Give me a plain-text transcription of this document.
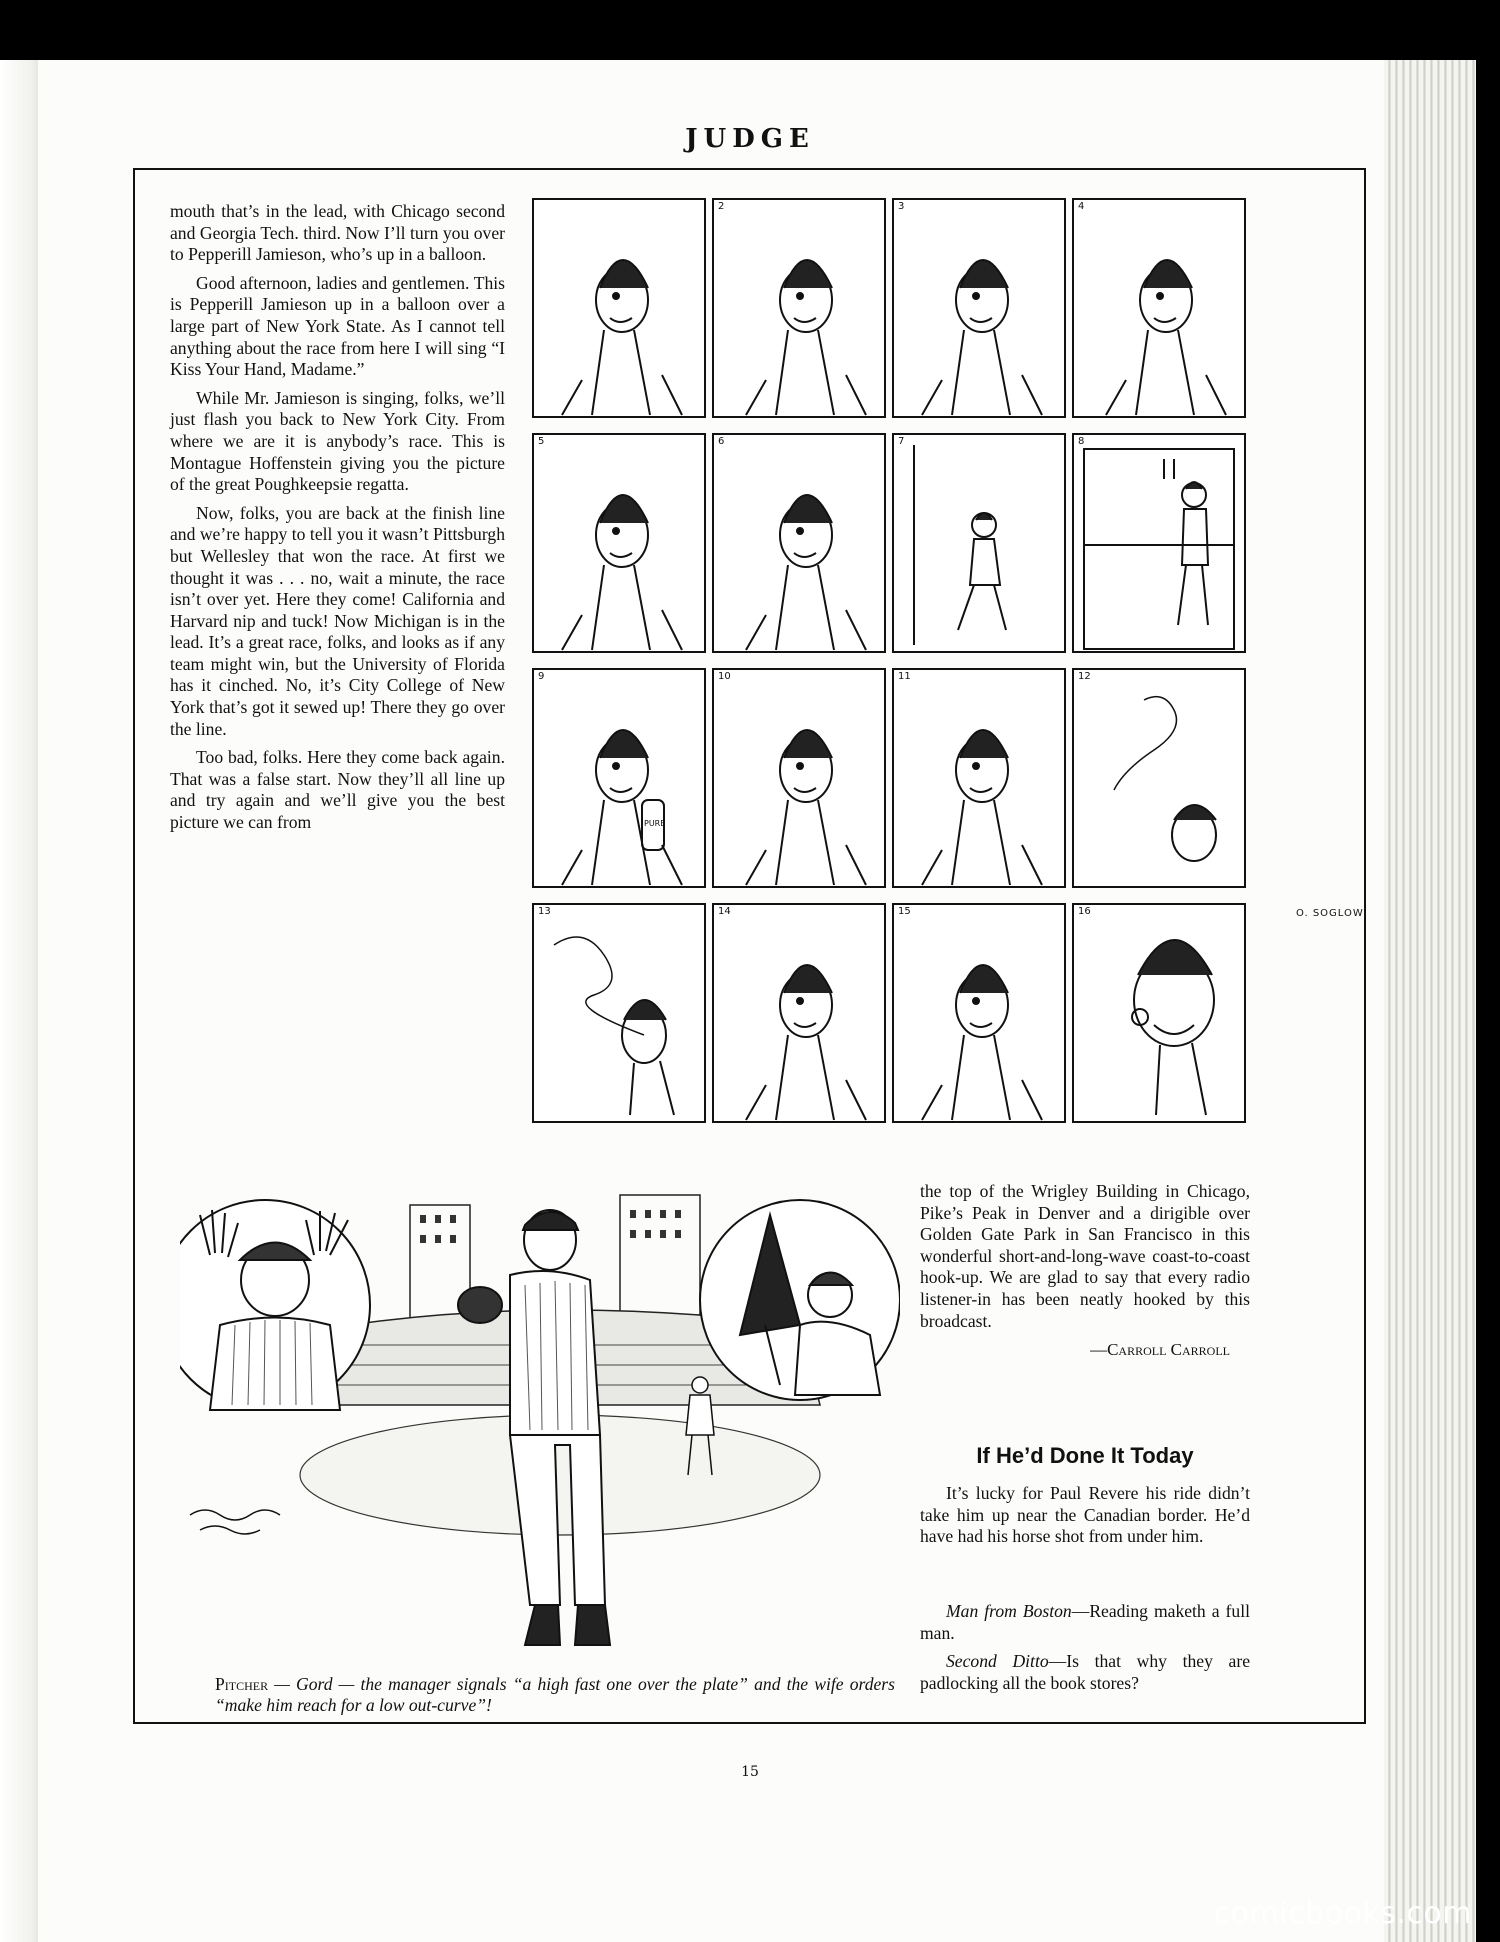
JUDGE

mouth that’s in the lead, with Chicago second and Georgia Tech. third. Now I’ll turn you over to Pepperill Jamieson, who’s up in a balloon.

Good afternoon, ladies and gentlemen. This is Pepperill Jamieson up in a balloon over a large part of New York State. As I cannot tell anything about the race from here I will sing “I Kiss Your Hand, Madame.”

While Mr. Jamieson is singing, folks, we’ll just flash you back to New York City. From where we are it is anybody’s race. This is Montague Hoffenstein giving you the picture of the great Poughkeepsie regatta.

Now, folks, you are back at the finish line and we’re happy to tell you it wasn’t Pittsburgh but Wellesley that won the race. At first we thought it was . . . no, wait a minute, the race isn’t over yet. Here they come! California and Harvard nip and tuck! Now Michigan is in the lead. It’s a great race, folks, and looks as if any team might win, but the University of Florida has it cinched. No, it’s City College of New York that’s got it sewed up! There they go over the line.

Too bad, folks. Here they come back again. That was a false start. Now they’ll all line up and try again and we’ll give you the best picture we can from

2	3	4
5	6	7	8
9
PURE
10	11	12
13	14	15	16	O. SOGLOW
Pitcher — Gord — the manager signals “a high fast one over the plate” and the wife orders “make him reach for a low out-curve”!

the top of the Wrigley Building in Chicago, Pike’s Peak in Denver and a dirigible over Golden Gate Park in San Francisco in this wonderful short-and-long-wave coast-to-coast hook-up. We are glad to say that every radio listener-in has been neatly hooked by this broadcast.

—Carroll Carroll
If He’d Done It Today

It’s lucky for Paul Revere his ride didn’t take him up near the Canadian border. He’d have had his horse shot from under him.

Man from Boston—Reading maketh a full man.

Second Ditto—Is that why they are padlocking all the book stores?

15
comicbooks.com
